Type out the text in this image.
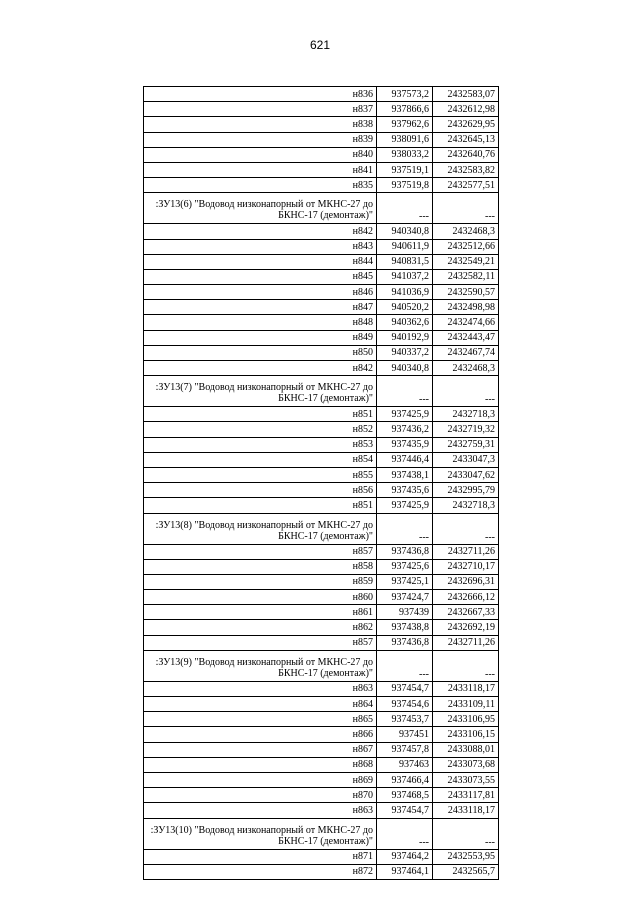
621
н836	937573,2	2432583,07
н837	937866,6	2432612,98
н838	937962,6	2432629,95
н839	938091,6	2432645,13
н840	938033,2	2432640,76
н841	937519,1	2432583,82
н835	937519,8	2432577,51
:ЗУ13(6) "Водовод низконапорный от МКНС-27 до БКНС-17 (демонтаж)"	---	---
н842	940340,8	2432468,3
н843	940611,9	2432512,66
н844	940831,5	2432549,21
н845	941037,2	2432582,11
н846	941036,9	2432590,57
н847	940520,2	2432498,98
н848	940362,6	2432474,66
н849	940192,9	2432443,47
н850	940337,2	2432467,74
н842	940340,8	2432468,3
:ЗУ13(7) "Водовод низконапорный от МКНС-27 до БКНС-17 (демонтаж)"	---	---
н851	937425,9	2432718,3
н852	937436,2	2432719,32
н853	937435,9	2432759,31
н854	937446,4	2433047,3
н855	937438,1	2433047,62
н856	937435,6	2432995,79
н851	937425,9	2432718,3
:ЗУ13(8) "Водовод низконапорный от МКНС-27 до БКНС-17 (демонтаж)"	---	---
н857	937436,8	2432711,26
н858	937425,6	2432710,17
н859	937425,1	2432696,31
н860	937424,7	2432666,12
н861	937439	2432667,33
н862	937438,8	2432692,19
н857	937436,8	2432711,26
:ЗУ13(9) "Водовод низконапорный от МКНС-27 до БКНС-17 (демонтаж)"	---	---
н863	937454,7	2433118,17
н864	937454,6	2433109,11
н865	937453,7	2433106,95
н866	937451	2433106,15
н867	937457,8	2433088,01
н868	937463	2433073,68
н869	937466,4	2433073,55
н870	937468,5	2433117,81
н863	937454,7	2433118,17
:ЗУ13(10) "Водовод низконапорный от МКНС-27 до БКНС-17 (демонтаж)"	---	---
н871	937464,2	2432553,95
н872	937464,1	2432565,7
